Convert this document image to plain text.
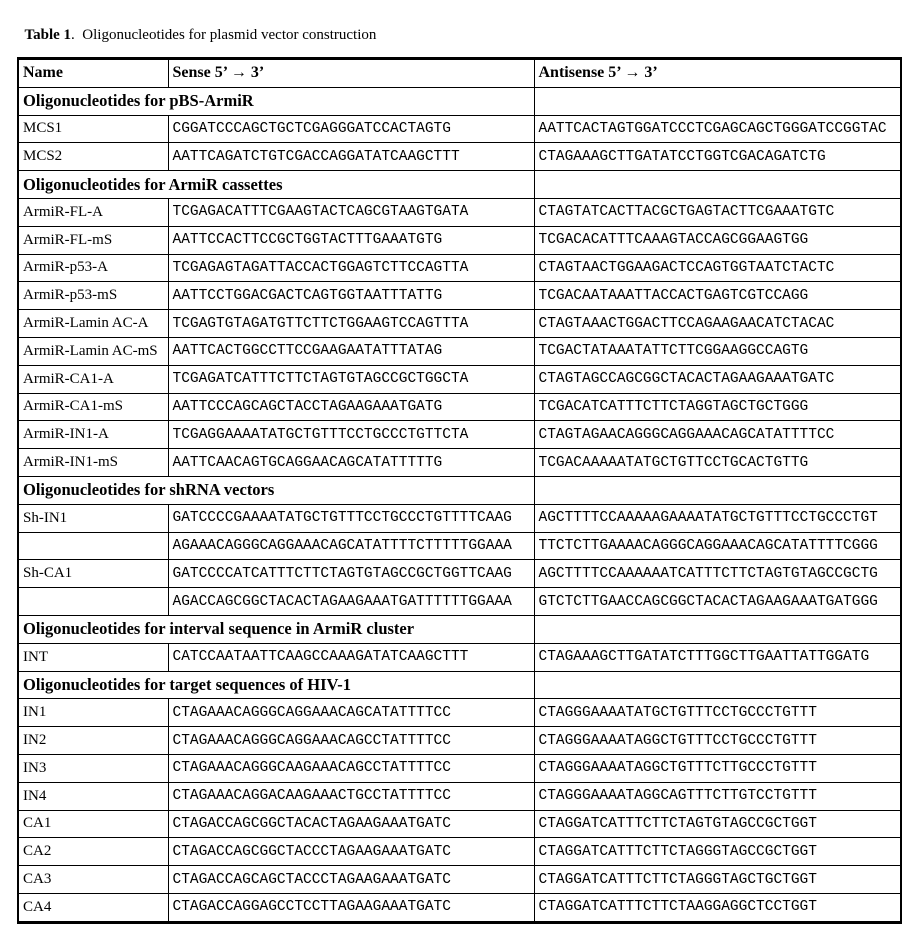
Table 1.  Oligonucleotides for plasmid vector construction

Name	Sense 5’ → 3’	Antisense 5’ → 3’
Oligonucleotides for pBS-ArmiR		
MCS1	CGGATCCCAGCTGCTCGAGGGATCCACTAGTG	AATTCACTAGTGGATCCCTCGAGCAGCTGGGATCCGGTAC
MCS2	AATTCAGATCTGTCGACCAGGATATCAAGCTTT	CTAGAAAGCTTGATATCCTGGTCGACAGATCTG
Oligonucleotides for ArmiR cassettes		
ArmiR-FL-A	TCGAGACATTTCGAAGTACTCAGCGTAAGTGATA	CTAGTATCACTTACGCTGAGTACTTCGAAATGTC
ArmiR-FL-mS	AATTCCACTTCCGCTGGTACTTTGAAATGTG	TCGACACATTTCAAAGTACCAGCGGAAGTGG
ArmiR-p53-A	TCGAGAGTAGATTACCACTGGAGTCTTCCAGTTA	CTAGTAACTGGAAGACTCCAGTGGTAATCTACTC
ArmiR-p53-mS	AATTCCTGGACGACTCAGTGGTAATTTATTG	TCGACAATAAATTACCACTGAGTCGTCCAGG
ArmiR-Lamin AC-A	TCGAGTGTAGATGTTCTTCTGGAAGTCCAGTTTA	CTAGTAAACTGGACTTCCAGAAGAACATCTACAC
ArmiR-Lamin AC-mS	AATTCACTGGCCTTCCGAAGAATATTTATAG	TCGACTATAAATATTCTTCGGAAGGCCAGTG
ArmiR-CA1-A	TCGAGATCATTTCTTCTAGTGTAGCCGCTGGCTA	CTAGTAGCCAGCGGCTACACTAGAAGAAATGATC
ArmiR-CA1-mS	AATTCCCAGCAGCTACCTAGAAGAAATGATG	TCGACATCATTTCTTCTAGGTAGCTGCTGGG
ArmiR-IN1-A	TCGAGGAAAATATGCTGTTTCCTGCCCTGTTCTA	CTAGTAGAACAGGGCAGGAAACAGCATATTTTCC
ArmiR-IN1-mS	AATTCAACAGTGCAGGAACAGCATATTTTTG	TCGACAAAAATATGCTGTTCCTGCACTGTTG
Oligonucleotides for shRNA vectors		
Sh-IN1	GATCCCCGAAAATATGCTGTTTCCTGCCCTGTTTTCAAG	AGCTTTTCCAAAAAGAAAATATGCTGTTTCCTGCCCTGT
	AGAAACAGGGCAGGAAACAGCATATTTTCTTTTTGGAAA	TTCTCTTGAAAACAGGGCAGGAAACAGCATATTTTCGGG
Sh-CA1	GATCCCCATCATTTCTTCTAGTGTAGCCGCTGGTTCAAG	AGCTTTTCCAAAAAATCATTTCTTCTAGTGTAGCCGCTG
	AGACCAGCGGCTACACTAGAAGAAATGATTTTTTGGAAA	GTCTCTTGAACCAGCGGCTACACTAGAAGAAATGATGGG
Oligonucleotides for interval sequence in ArmiR cluster		
INT	CATCCAATAATTCAAGCCAAAGATATCAAGCTTT	CTAGAAAGCTTGATATCTTTGGCTTGAATTATTGGATG
Oligonucleotides for target sequences of HIV-1		
IN1	CTAGAAACAGGGCAGGAAACAGCATATTTTCC	CTAGGGAAAATATGCTGTTTCCTGCCCTGTTT
IN2	CTAGAAACAGGGCAGGAAACAGCCTATTTTCC	CTAGGGAAAATAGGCTGTTTCCTGCCCTGTTT
IN3	CTAGAAACAGGGCAAGAAACAGCCTATTTTCC	CTAGGGAAAATAGGCTGTTTCTTGCCCTGTTT
IN4	CTAGAAACAGGACAAGAAACTGCCTATTTTCC	CTAGGGAAAATAGGCAGTTTCTTGTCCTGTTT
CA1	CTAGACCAGCGGCTACACTAGAAGAAATGATC	CTAGGATCATTTCTTCTAGTGTAGCCGCTGGT
CA2	CTAGACCAGCGGCTACCCTAGAAGAAATGATC	CTAGGATCATTTCTTCTAGGGTAGCCGCTGGT
CA3	CTAGACCAGCAGCTACCCTAGAAGAAATGATC	CTAGGATCATTTCTTCTAGGGTAGCTGCTGGT
CA4	CTAGACCAGGAGCCTCCTTAGAAGAAATGATC	CTAGGATCATTTCTTCTAAGGAGGCTCCTGGT
